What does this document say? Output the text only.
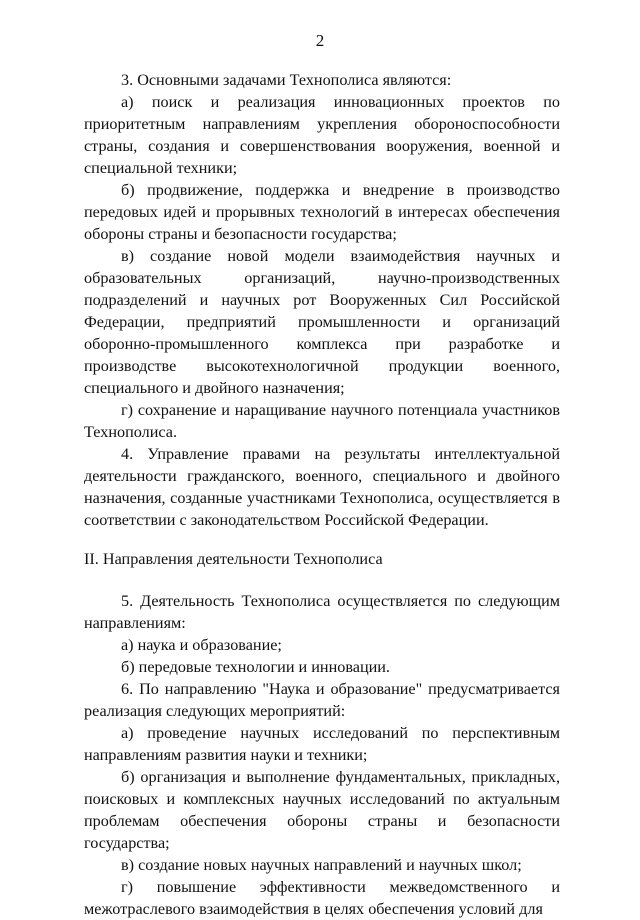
2

3. Основными задачами Технополиса являются:

а) поиск и реализация инновационных проектов по приоритетным направлениям укрепления обороноспособности страны, создания и совершенствования вооружения, военной и специальной техники;

б) продвижение, поддержка и внедрение в производство передовых идей и прорывных технологий в интересах обеспечения обороны страны и безопасности государства;

в) создание новой модели взаимодействия научных и образовательных организаций, научно-производственных подразделений и научных рот Вооруженных Сил Российской Федерации, предприятий промышленности и организаций оборонно-промышленного комплекса при разработке и производстве высокотехнологичной продукции военного, специального и двойного назначения;

г) сохранение и наращивание научного потенциала участников Технополиса.

4. Управление правами на результаты интеллектуальной деятельности гражданского, военного, специального и двойного назначения, созданные участниками Технополиса, осуществляется в соответствии с законодательством Российской Федерации.

II. Направления деятельности Технополиса

5. Деятельность Технополиса осуществляется по следующим направлениям:

а) наука и образование;

б) передовые технологии и инновации.

6. По направлению "Наука и образование" предусматривается реализация следующих мероприятий:

а) проведение научных исследований по перспективным направлениям развития науки и техники;

б) организация и выполнение фундаментальных, прикладных, поисковых и комплексных научных исследований по актуальным проблемам обеспечения обороны страны и безопасности государства;

в) создание новых научных направлений и научных школ;

г) повышение эффективности межведомственного и межотраслевого взаимодействия в целях обеспечения условий для
